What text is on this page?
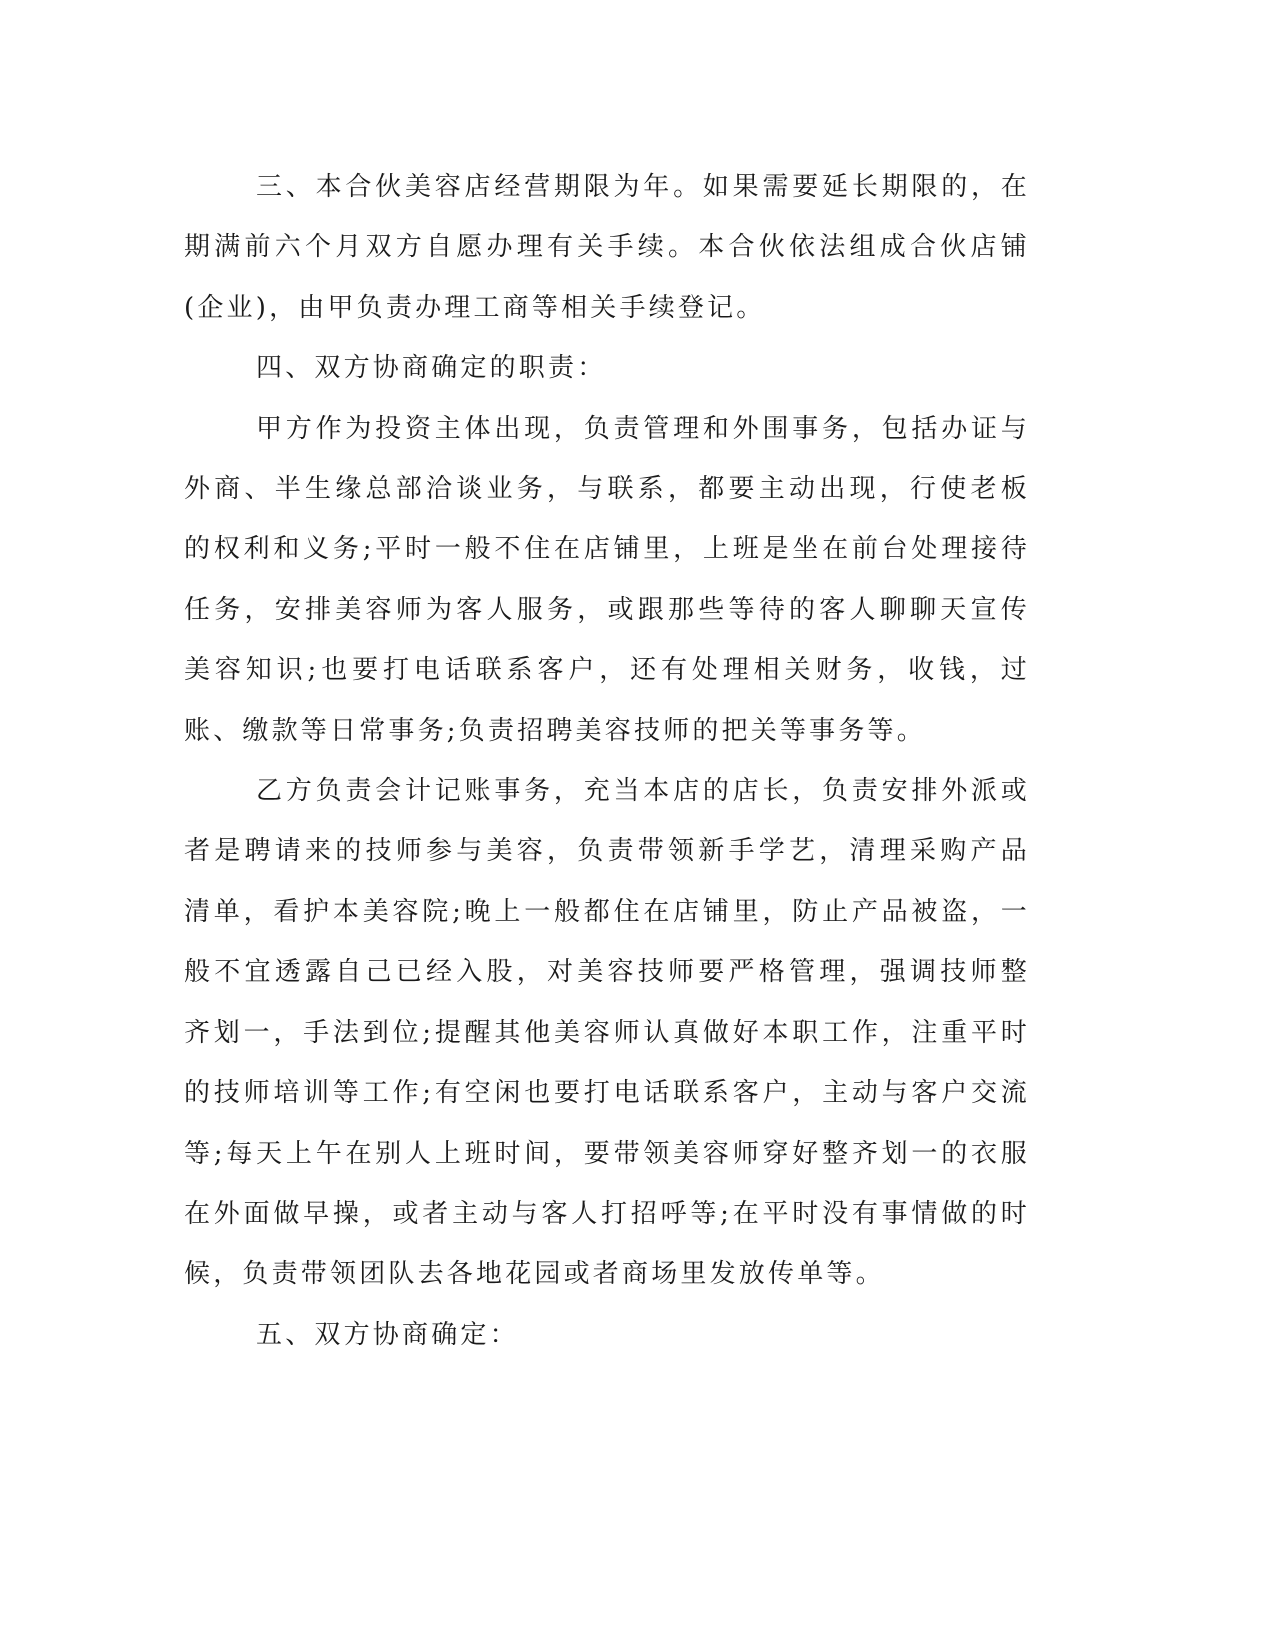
三、本合伙美容店经营期限为年。如果需要延长期限的，在期满前六个月双方自愿办理有关手续。本合伙依法组成合伙店铺(企业)，由甲负责办理工商等相关手续登记。

四、双方协商确定的职责：

甲方作为投资主体出现，负责管理和外围事务，包括办证与外商、半生缘总部洽谈业务，与联系，都要主动出现，行使老板的权利和义务;平时一般不住在店铺里，上班是坐在前台处理接待任务，安排美容师为客人服务，或跟那些等待的客人聊聊天宣传美容知识;也要打电话联系客户，还有处理相关财务，收钱，过账、缴款等日常事务;负责招聘美容技师的把关等事务等。

乙方负责会计记账事务，充当本店的店长，负责安排外派或者是聘请来的技师参与美容，负责带领新手学艺，清理采购产品清单，看护本美容院;晚上一般都住在店铺里，防止产品被盗，一般不宜透露自己已经入股，对美容技师要严格管理，强调技师整齐划一，手法到位;提醒其他美容师认真做好本职工作，注重平时的技师培训等工作;有空闲也要打电话联系客户，主动与客户交流等;每天上午在别人上班时间，要带领美容师穿好整齐划一的衣服在外面做早操，或者主动与客人打招呼等;在平时没有事情做的时候，负责带领团队去各地花园或者商场里发放传单等。

五、双方协商确定：
